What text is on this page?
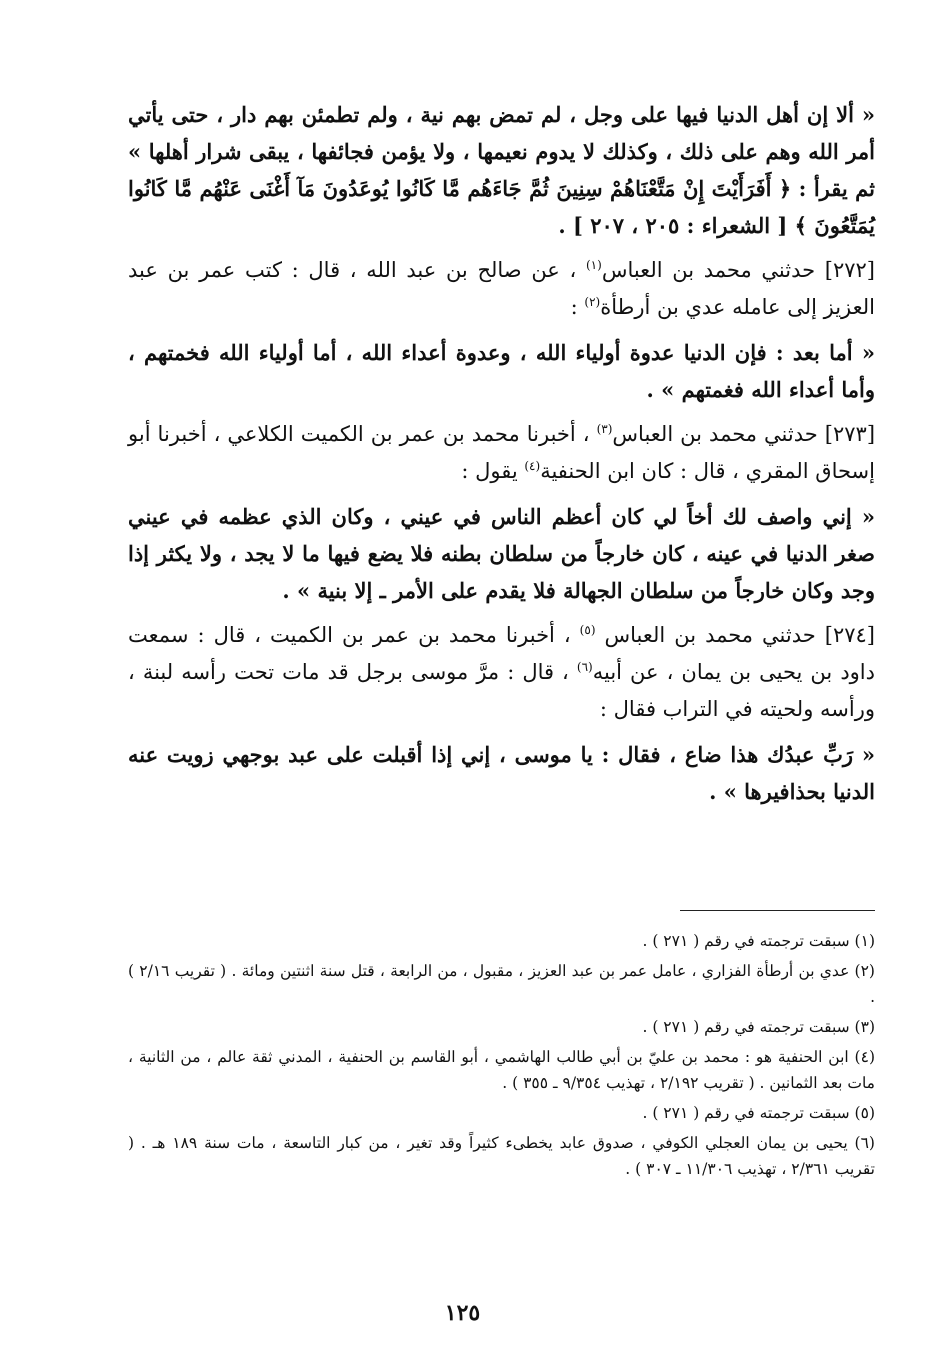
« ألا إن أهل الدنيا فيها على وجل ، لم تمض بهم نية ، ولم تطمئن بهم دار ، حتى يأتي أمر الله وهم على ذلك ، وكذلك لا يدوم نعيمها ، ولا يؤمن فجائفها ، يبقى شرار أهلها » ثم يقرأ : ﴿ أَفَرَأَيْتَ إِنْ مَتَّعْنَاهُمْ سِنِينَ ثُمَّ جَاءَهُم مَّا كَانُوا يُوعَدُونَ مَآ أَغْنَى عَنْهُم مَّا كَانُوا يُمَتَّعُونَ ﴾ [ الشعراء : ٢٠٥ ، ٢٠٧ ] .

[٢٧٢] حدثني محمد بن العباس$^{(١)}$ ، عن صالح بن عبد الله ، قال : كتب عمر بن عبد العزيز إلى عامله عدي بن أرطأة$^{(٢)}$ :

« أما بعد : فإن الدنيا عدوة أولياء الله ، وعدوة أعداء الله ، أما أولياء الله فخمتهم ، وأما أعداء الله فغمتهم » .

[٢٧٣] حدثني محمد بن العباس$^{(٣)}$ ، أخبرنا محمد بن عمر بن الكميت الكلاعي ، أخبرنا أبو إسحاق المقري ، قال : كان ابن الحنفية$^{(٤)}$ يقول :

« إني واصف لك أخاً لي كان أعظم الناس في عيني ، وكان الذي عظمه في عيني صغر الدنيا في عينه ، كان خارجاً من سلطان بطنه فلا يضع فيها ما لا يجد ، ولا يكثر إذا وجد وكان خارجاً من سلطان الجهالة فلا يقدم على الأمر ـ إلا بنية » .

[٢٧٤] حدثني محمد بن العباس $^{(٥)}$ ، أخبرنا محمد بن عمر بن الكميت ، قال : سمعت داود بن يحيى بن يمان ، عن أبيه$^{(٦)}$ ، قال : مرَّ موسى برجل قد مات تحت رأسه لبنة ، ورأسه ولحيته في التراب فقال :

« رَبِّ عبدُك هذا ضاع ، فقال : يا موسى ، إني إذا أقبلت على عبد بوجهي زويت عنه الدنيا بحذافيرها » .

(١) سبقت ترجمته في رقم ( ٢٧١ ) .

(٢) عدي بن أرطأة الفزاري ، عامل عمر بن عبد العزيز ، مقبول ، من الرابعة ، قتل سنة اثنتين ومائة . ( تقريب ٢/١٦ ) .

(٣) سبقت ترجمته في رقم ( ٢٧١ ) .

(٤) ابن الحنفية هو : محمد بن عليّ بن أبي طالب الهاشمي ، أبو القاسم بن الحنفية ، المدني ثقة عالم ، من الثانية ، مات بعد الثمانين . ( تقريب ٢/١٩٢ ، تهذيب ٩/٣٥٤ ـ ٣٥٥ ) .

(٥) سبقت ترجمته في رقم ( ٢٧١ ) .

(٦) يحيى بن يمان العجلي الكوفي ، صدوق عابد يخطىء كثيراً وقد تغير ، من كبار التاسعة ، مات سنة ١٨٩ هـ . ( تقريب ٢/٣٦١ ، تهذيب ١١/٣٠٦ ـ ٣٠٧ ) .

١٢٥
